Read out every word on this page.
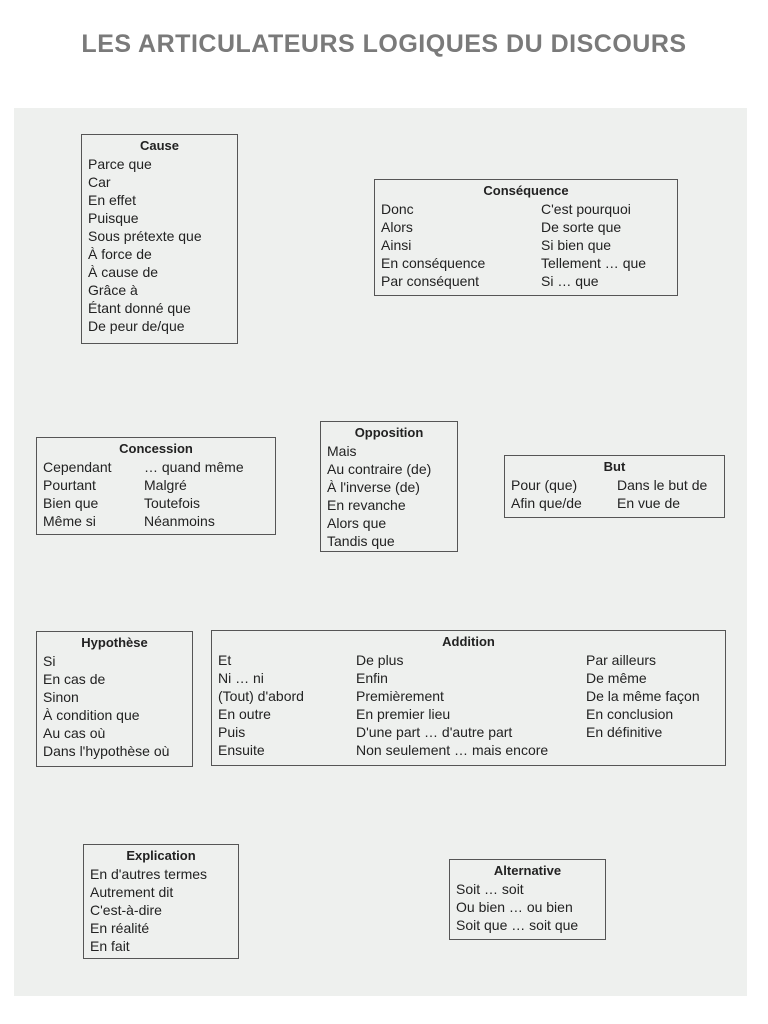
LES ARTICULATEURS LOGIQUES DU DISCOURS
Cause
Parce que
Car
En effet
Puisque
Sous prétexte que
À force de
À cause de
Grâce à
Étant donné que
De peur de/que
Conséquence
Donc
Alors
Ainsi
En conséquence
Par conséquent
C'est pourquoi
De sorte que
Si bien que
Tellement … que
Si … que
Concession
Cependant
Pourtant
Bien que
Même si
… quand même
Malgré
Toutefois
Néanmoins
Opposition
Mais
Au contraire (de)
À l'inverse (de)
En revanche
Alors que
Tandis que
But
Pour (que)
Afin que/de
Dans le but de
En vue de
Hypothèse
Si
En cas de
Sinon
À condition que
Au cas où
Dans l'hypothèse où
Addition
Et
Ni … ni
(Tout) d'abord
En outre
Puis
Ensuite
De plus
Enfin
Premièrement
En premier lieu
D'une part … d'autre part
Non seulement … mais encore
Par ailleurs
De même
De la même façon
En conclusion
En définitive
Explication
En d'autres termes
Autrement dit
C'est-à-dire
En réalité
En fait
Alternative
Soit … soit
Ou bien … ou bien
Soit que … soit que
